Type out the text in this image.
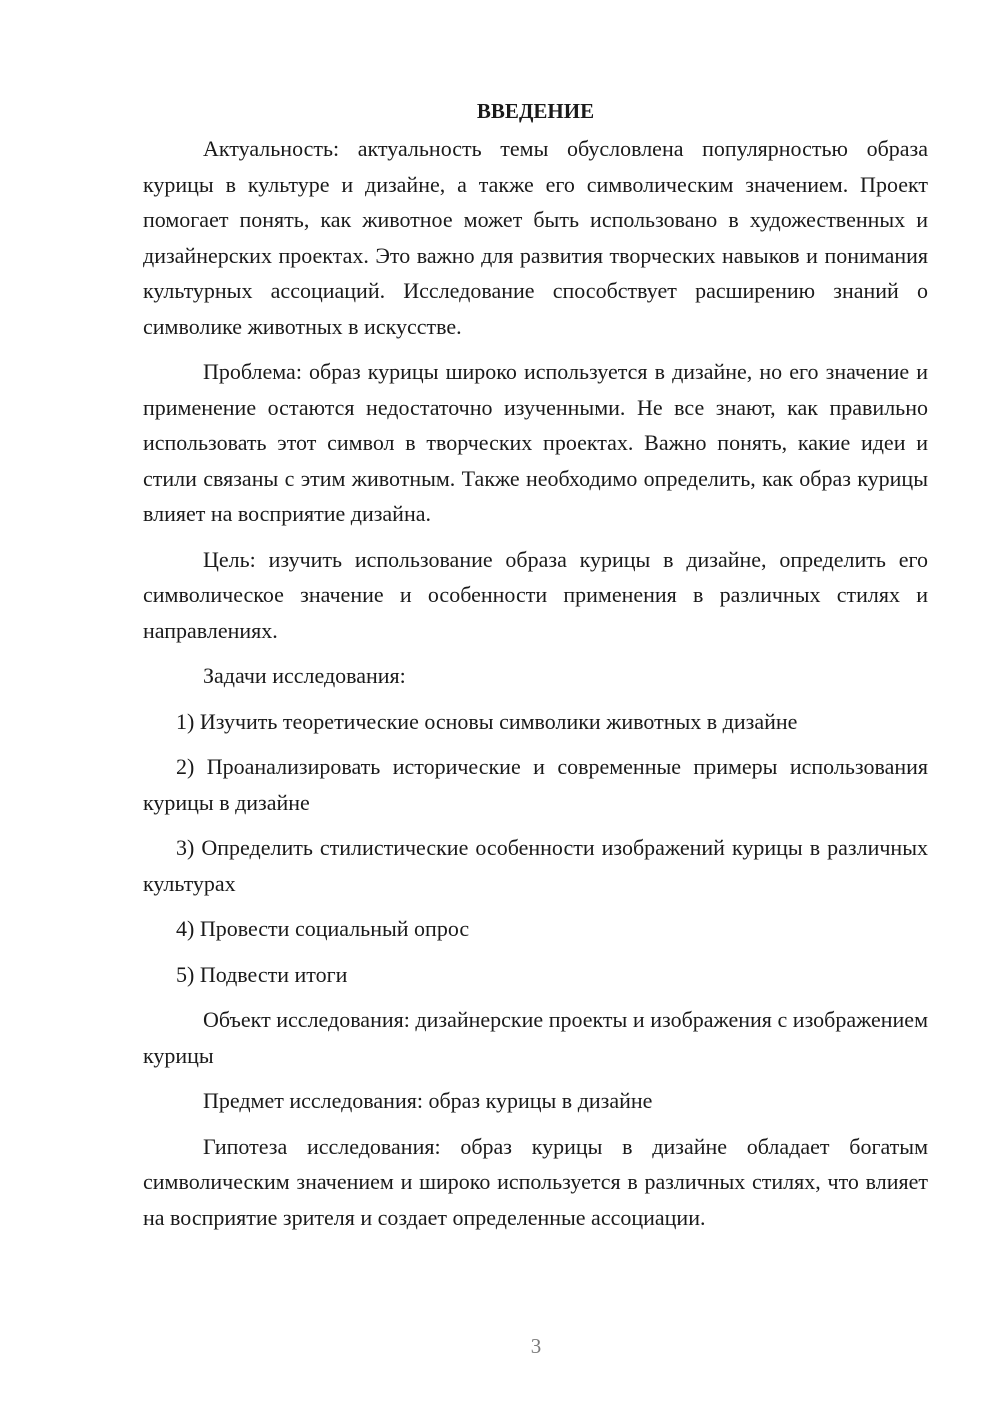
ВВЕДЕНИЕ

Актуальность: актуальность темы обусловлена популярностью образа курицы в культуре и дизайне, а также его символическим значением. Проект помогает понять, как животное может быть использовано в художественных и дизайнерских проектах. Это важно для развития творческих навыков и понимания культурных ассоциаций. Исследование способствует расширению знаний о символике животных в искусстве.

Проблема: образ курицы широко используется в дизайне, но его значение и применение остаются недостаточно изученными. Не все знают, как правильно использовать этот символ в творческих проектах. Важно понять, какие идеи и стили связаны с этим животным. Также необходимо определить, как образ курицы влияет на восприятие дизайна.

Цель: изучить использование образа курицы в дизайне, определить его символическое значение и особенности применения в различных стилях и направлениях.

Задачи исследования:

1) Изучить теоретические основы символики животных в дизайне

2) Проанализировать исторические и современные примеры использования курицы в дизайне

3) Определить стилистические особенности изображений курицы в различных культурах

4) Провести социальный опрос

5) Подвести итоги

Объект исследования: дизайнерские проекты и изображения с изображением курицы

Предмет исследования: образ курицы в дизайне

Гипотеза исследования: образ курицы в дизайне обладает богатым символическим значением и широко используется в различных стилях, что влияет на восприятие зрителя и создает определенные ассоциации.

3
